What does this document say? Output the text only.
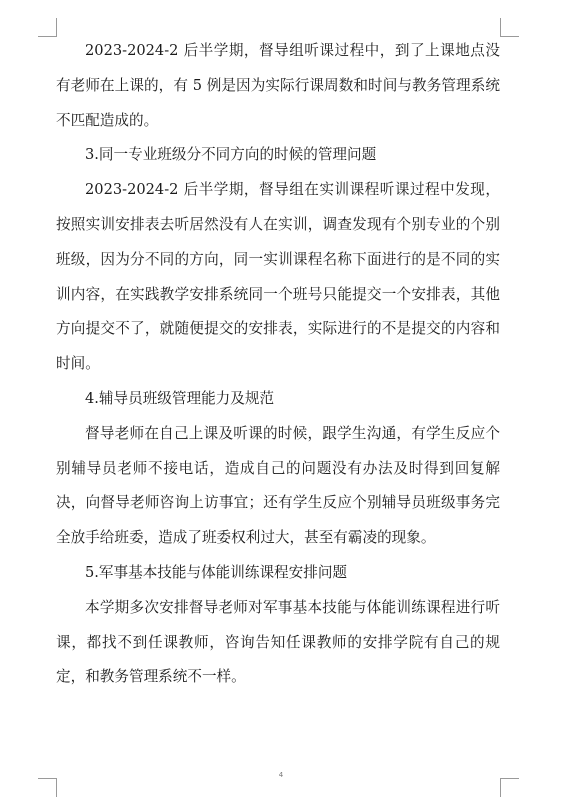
2023-2024-2 后半学期，督导组听课过程中，到了上课地点没有老师在上课的，有 5 例是因为实际行课周数和时间与教务管理系统不匹配造成的。

3.同一专业班级分不同方向的时候的管理问题

2023-2024-2 后半学期，督导组在实训课程听课过程中发现，按照实训安排表去听居然没有人在实训，调查发现有个别专业的个别班级，因为分不同的方向，同一实训课程名称下面进行的是不同的实训内容，在实践教学安排系统同一个班号只能提交一个安排表，其他方向提交不了，就随便提交的安排表，实际进行的不是提交的内容和时间。

4.辅导员班级管理能力及规范

督导老师在自己上课及听课的时候，跟学生沟通，有学生反应个别辅导员老师不接电话，造成自己的问题没有办法及时得到回复解决，向督导老师咨询上访事宜；还有学生反应个别辅导员班级事务完全放手给班委，造成了班委权利过大，甚至有霸凌的现象。

5.军事基本技能与体能训练课程安排问题

本学期多次安排督导老师对军事基本技能与体能训练课程进行听课，都找不到任课教师，咨询告知任课教师的安排学院有自己的规定，和教务管理系统不一样。

4
